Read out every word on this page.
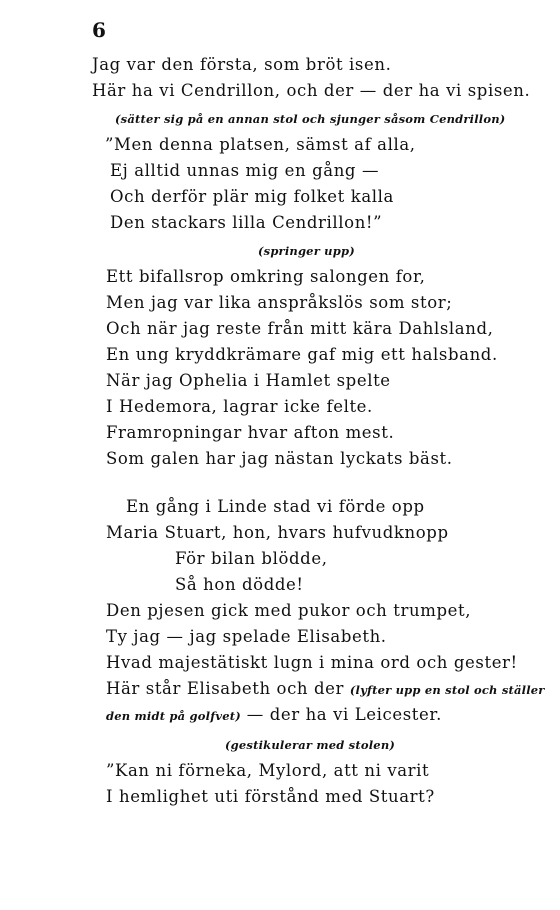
6
Jag var den första, som bröt isen.
Här ha vi Cendrillon, och der — der ha vi spisen.
(sätter sig på en annan stol och sjunger såsom Cendrillon)
”Men denna platsen, sämst af alla,
Ej alltid unnas mig en gång —
Och derför plär mig folket kalla
Den stackars lilla Cendrillon!”
(springer upp)
Ett bifallsrop omkring salongen for,
Men jag var lika anspråkslös som stor;
Och när jag reste från mitt kära Dahlsland,
En ung kryddkrämare gaf mig ett halsband.
När jag Ophelia i Hamlet spelte
I Hedemora, lagrar icke felte.
Framropningar hvar afton mest.
Som galen har jag nästan lyckats bäst.
En gång i Linde stad vi förde opp
Maria Stuart, hon, hvars hufvudknopp
För bilan blödde,
Så hon dödde!
Den pjesen gick med pukor och trumpet,
Ty jag — jag spelade Elisabeth.
Hvad majestätiskt lugn i mina ord och gester!
Här står Elisabeth och der (lyfter upp en stol och ställer
den midt på golfvet) — der ha vi Leicester.
(gestikulerar med stolen)
”Kan ni förneka, Mylord, att ni varit
I hemlighet uti förstånd med Stuart?
